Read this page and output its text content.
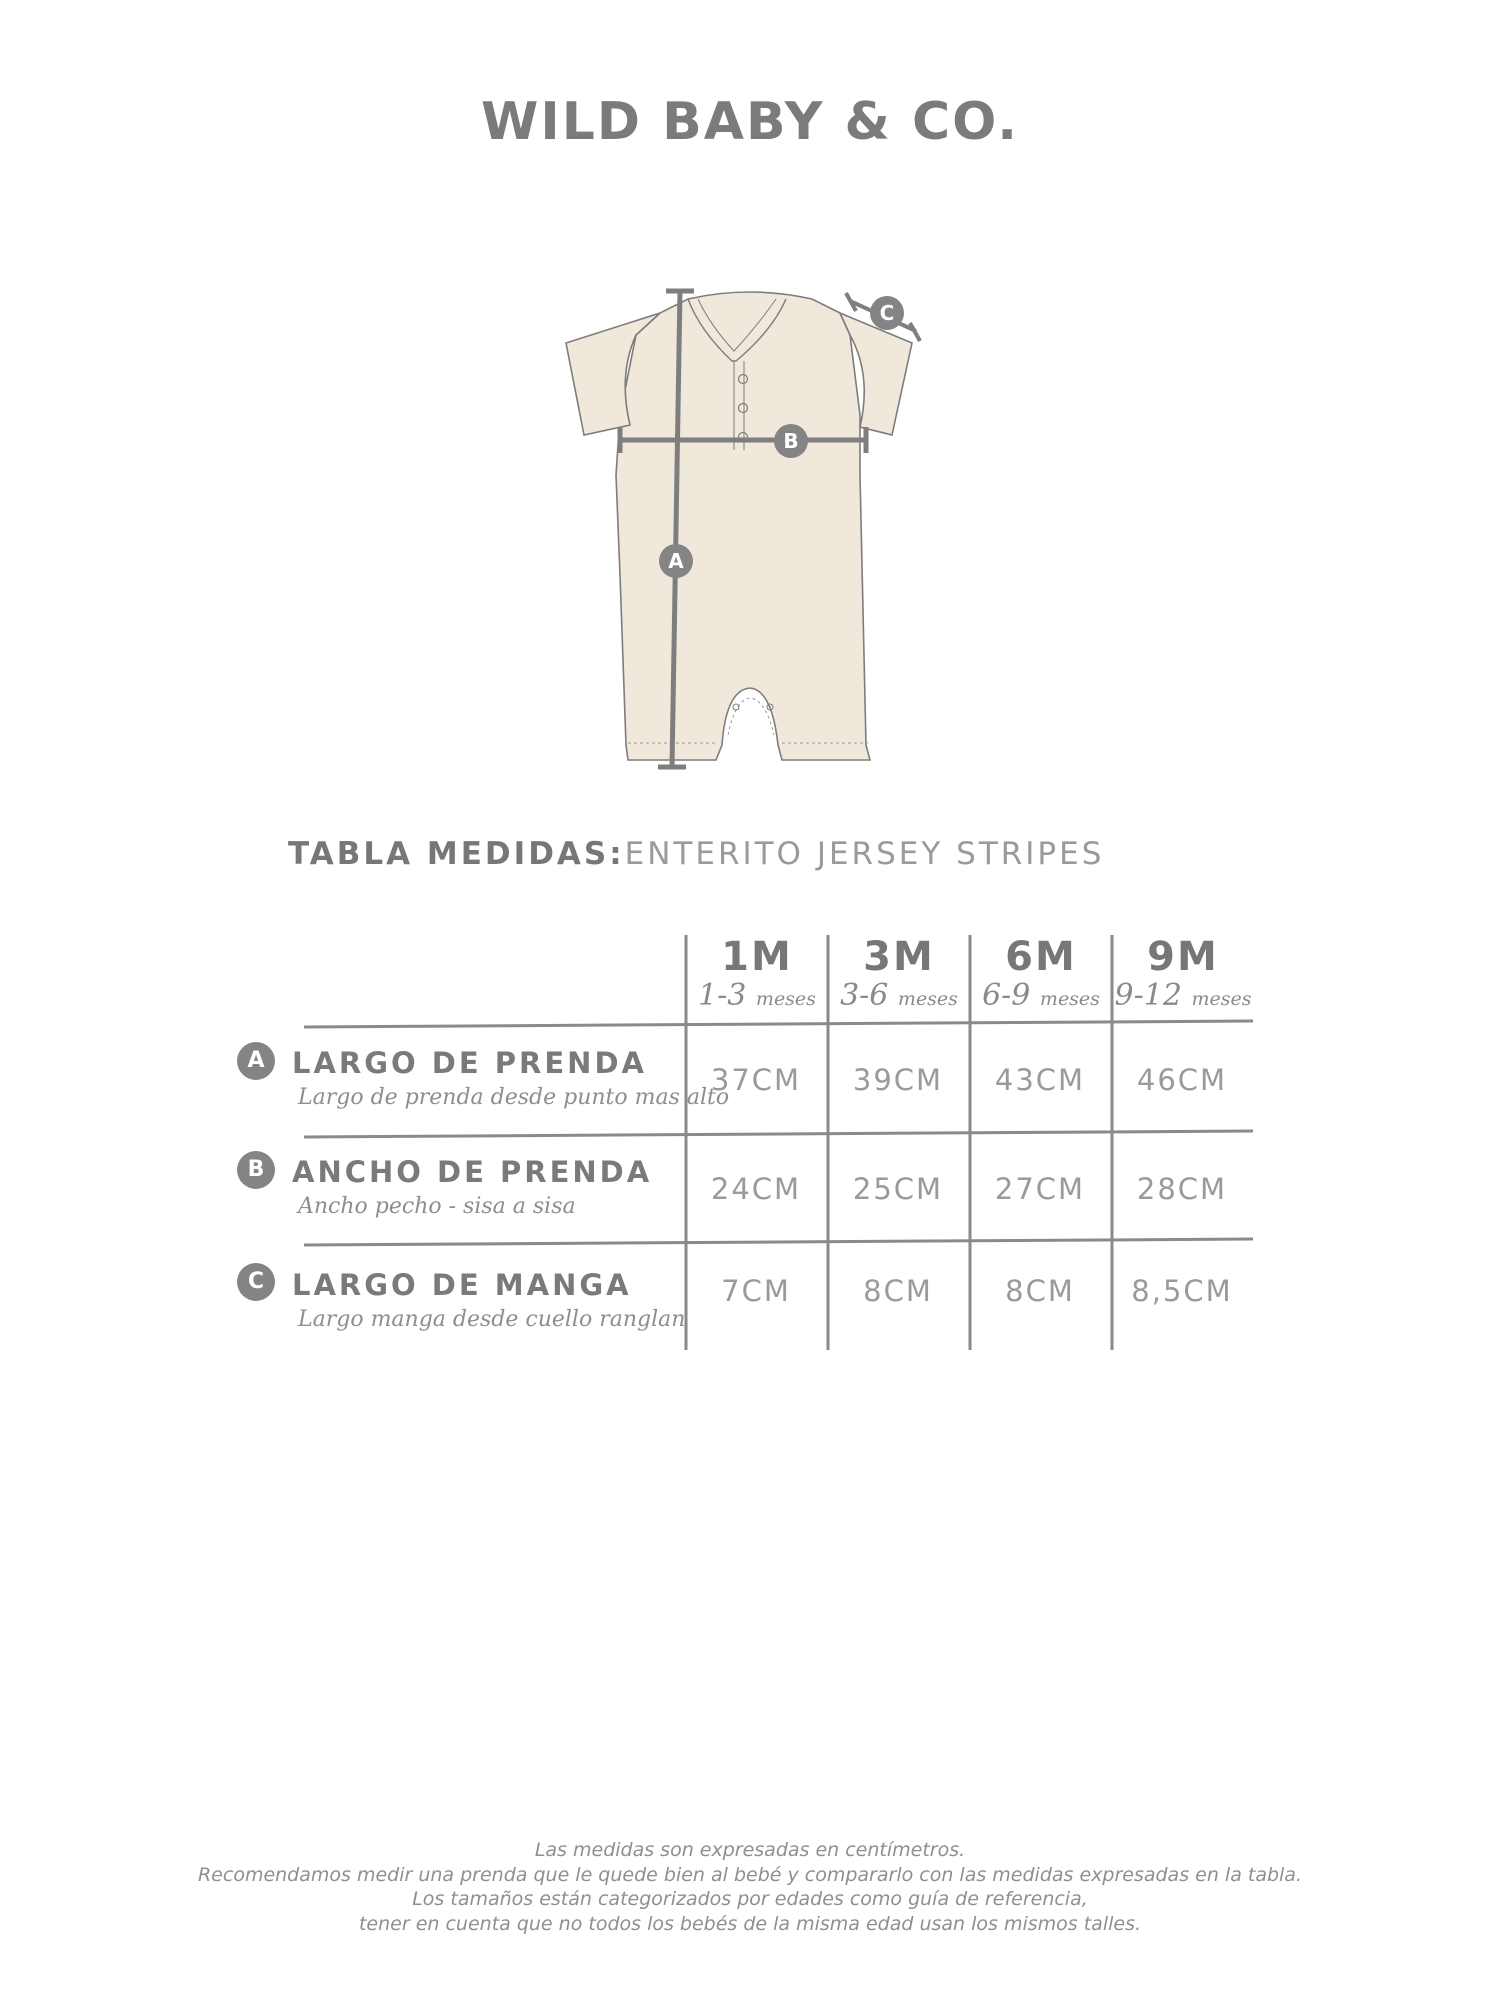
WILD BABY & CO.
A
B
C
TABLA MEDIDAS:ENTERITO JERSEY STRIPES
1M	3M	6M	9M
1-3 meses 3-6 meses 6-9 meses 9-12 meses
A LARGO DE PRENDA
Largo de prenda desde punto mas alto
37CM	39CM	43CM	46CM
B ANCHO DE PRENDA
Ancho pecho - sisa a sisa
24CM	25CM	27CM	28CM
C LARGO DE MANGA
Largo manga desde cuello ranglan
7CM	8CM	8CM	8,5CM
Las medidas son expresadas en centímetros.
Recomendamos medir una prenda que le quede bien al bebé y compararlo con las medidas expresadas en la tabla.
Los tamaños están categorizados por edades como guía de referencia,
tener en cuenta que no todos los bebés de la misma edad usan los mismos talles.
